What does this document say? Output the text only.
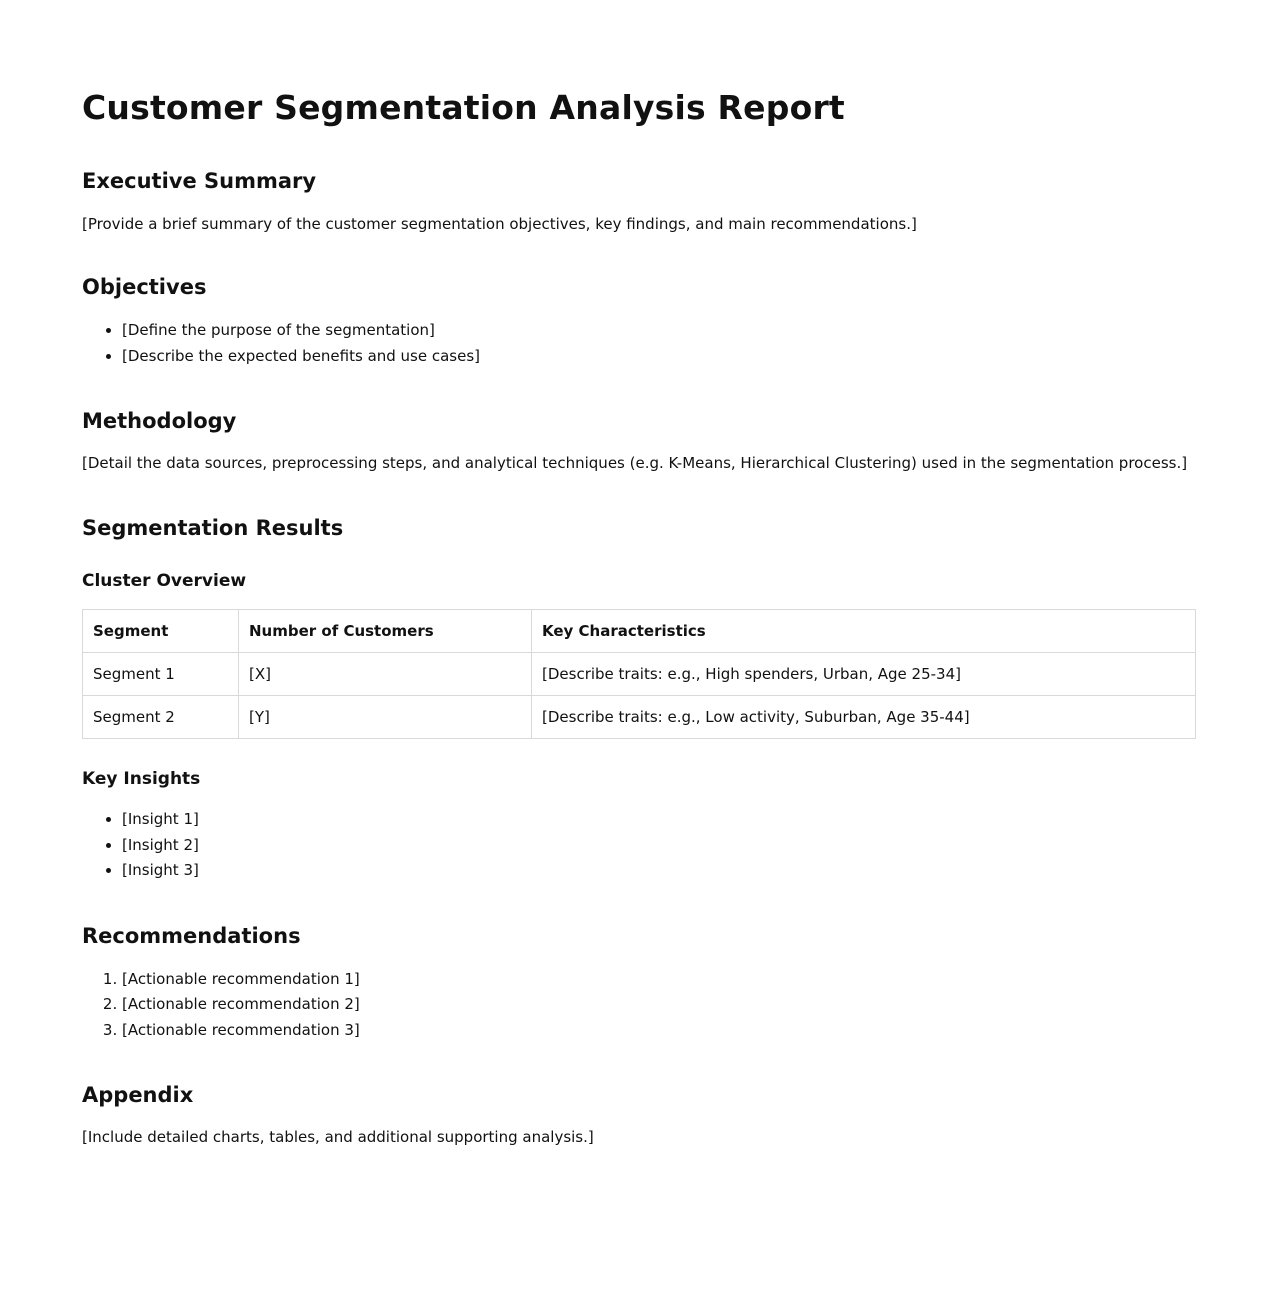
Customer Segmentation Analysis Report
Executive Summary

[Provide a brief summary of the customer segmentation objectives, key findings, and main recommendations.]

Objectives
• [Define the purpose of the segmentation]
• [Describe the expected benefits and use cases]
Methodology

[Detail the data sources, preprocessing steps, and analytical techniques (e.g. K-Means, Hierarchical Clustering) used in the segmentation process.]

Segmentation Results
Cluster Overview
Segment	Number of Customers	Key Characteristics
Segment 1	[X]	[Describe traits: e.g., High spenders, Urban, Age 25-34]
Segment 2	[Y]	[Describe traits: e.g., Low activity, Suburban, Age 35-44]
Key Insights
• [Insight 1]
• [Insight 2]
• [Insight 3]
Recommendations
1. [Actionable recommendation 1]
2. [Actionable recommendation 2]
3. [Actionable recommendation 3]
Appendix

[Include detailed charts, tables, and additional supporting analysis.]
